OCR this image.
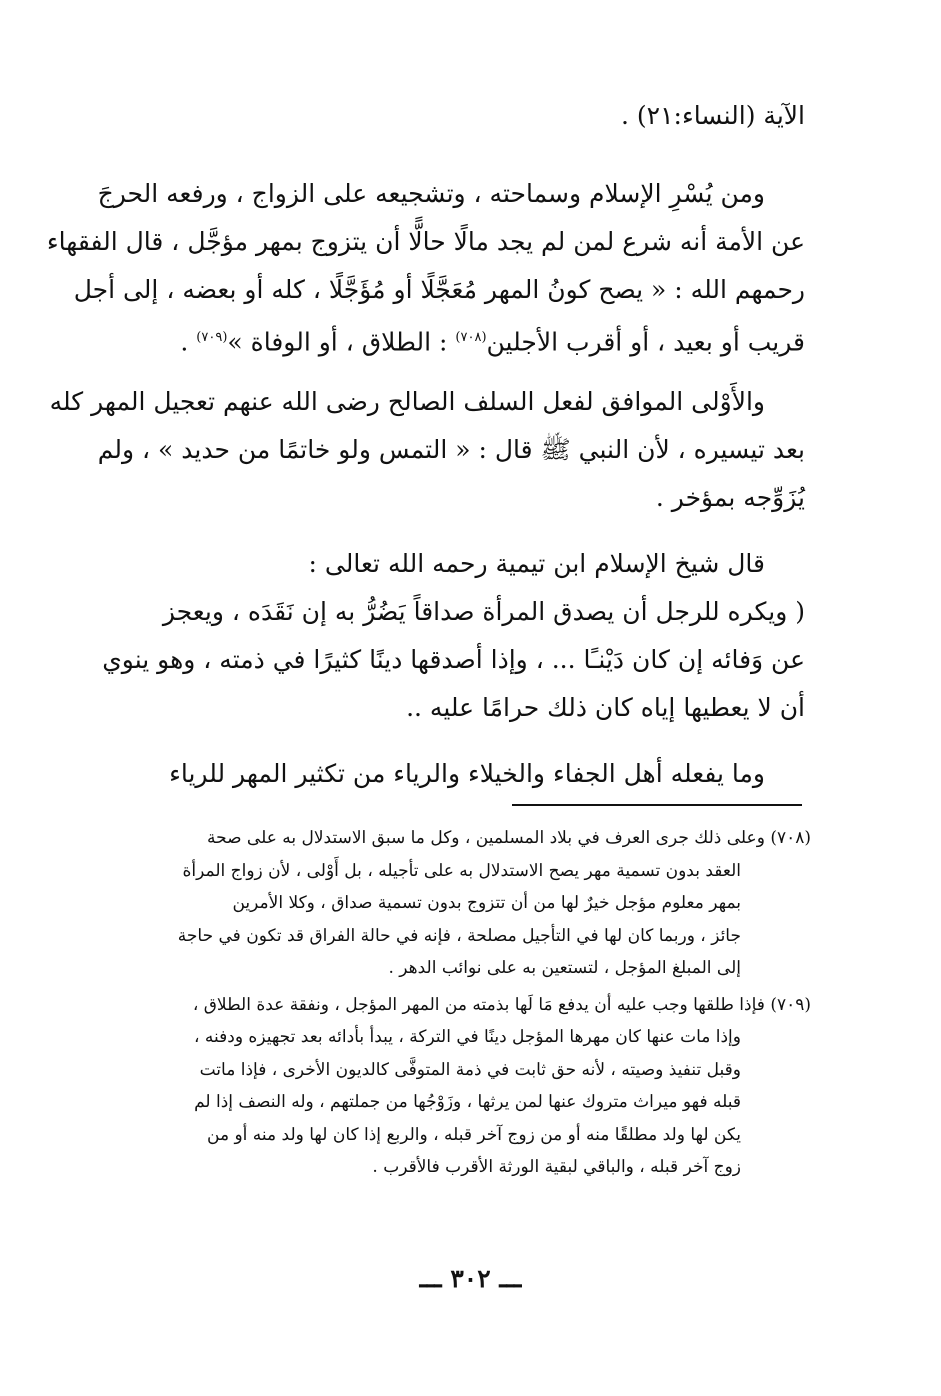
الآية (النساء:٢١) .

ومن يُسْرِ الإسلام وسماحته ، وتشجيعه على الزواج ، ورفعه الحرجَ
عن الأمة أنه شرع لمن لم يجد مالًا حالًّا أن يتزوج بمهر مؤجَّل ، قال الفقهاء
رحمهم الله : « يصح كونُ المهر مُعَجَّلًا أو مُؤَجَّلًا ، كله أو بعضه ، إلى أجل
قريب أو بعيد ، أو أقرب الأجلين$^{(٧٠٨)}$ : الطلاق ، أو الوفاة »$^{(٧٠٩)}$ .

والأَوْلى الموافق لفعل السلف الصالح رضى الله عنهم تعجيل المهر كله
بعد تيسيره ، لأن النبي ﷺ قال : « التمس ولو خاتمًا من حديد » ، ولم
يُزَوِّجه بمؤخر .

قال شيخ الإسلام ابن تيمية رحمه الله تعالى :

( ويكره للرجل أن يصدق المرأة صداقاً يَضُرُّ به إن نَقَدَه ، ويعجز
عن وَفائه إن كان دَيْنـًا ... ، وإذا أصدقها دينًا كثيرًا في ذمته ، وهو ينوي
أن لا يعطيها إياه كان ذلك حرامًا عليه ..

وما يفعله أهل الجفاء والخيلاء والرياء من تكثير المهر للرياء

(٧٠٨) وعلى ذلك جرى العرف في بلاد المسلمين ، وكل ما سبق الاستدلال به على صحة
العقد بدون تسمية مهر يصح الاستدلال به على تأجيله ، بل أَوْلى ، لأن زواج المرأة
بمهر معلوم مؤجل خيرٌ لها من أن تتزوج بدون تسمية صداق ، وكلا الأمرين
جائز ، وربما كان لها في التأجيل مصلحة ، فإنه في حالة الفراق قد تكون في حاجة
إلى المبلغ المؤجل ، لتستعين به على نوائب الدهر .
(٧٠٩) فإذا طلقها وجب عليه أن يدفع مَا لَها بذمته من المهر المؤجل ، ونفقة عدة الطلاق ،
وإذا مات عنها كان مهرها المؤجل دينًا في التركة ، يبدأ بأدائه بعد تجهيزه ودفنه ،
وقبل تنفيذ وصيته ، لأنه حق ثابت في ذمة المتوفَّى كالديون الأخرى ، فإذا ماتت
قبله فهو ميراث متروك عنها لمن يرثها ، وزَوْجُها من جملتهم ، وله النصف إذا لم
يكن لها ولد مطلقًا منه أو من زوج آخر قبله ، والربع إذا كان لها ولد منه أو من
زوج آخر قبله ، والباقي لبقية الورثة الأقرب فالأقرب .
ـــ ٣٠٢ ـــ
